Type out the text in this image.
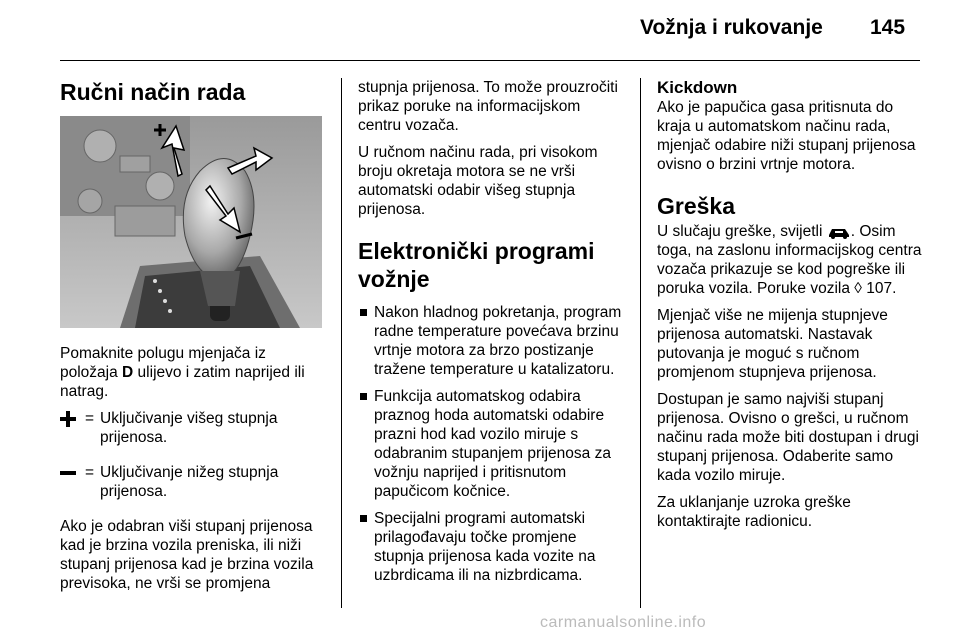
Vožnja i rukovanje 145
Ručni način rada

Pomaknite polugu mjenjača iz položaja D ulijevo i zatim naprijed ili natrag.

= Uključivanje višeg stupnja prijenosa.
= Uključivanje nižeg stupnja prijenosa.

Ako je odabran viši stupanj prijenosa kad je brzina vozila preniska, ili niži stupanj prijenosa kad je brzina vozila previsoka, ne vrši se promjena

stupnja prijenosa. To može prouzročiti prikaz poruke na informacijskom centru vozača.

U ručnom načinu rada, pri visokom broju okretaja motora se ne vrši automatski odabir višeg stupnja prijenosa.

Elektronički programi vožnje
Nakon hladnog pokretanja, program radne temperature povećava brzinu vrtnje motora za brzo postizanje tražene temperature u katalizatoru.
Funkcija automatskog odabira praznog hoda automatski odabire prazni hod kad vozilo miruje s odabranim stupanjem prijenosa za vožnju naprijed i pritisnutom papučicom kočnice.
Specijalni programi automatski prilagođavaju točke promjene stupnja prijenosa kada vozite na uzbrdicama ili na nizbrdicama.
Kickdown

Ako je papučica gasa pritisnuta do kraja u automatskom načinu rada, mjenjač odabire niži stupanj prijenosa ovisno o brzini vrtnje motora.

Greška

U slučaju greške, svijetli . Osim toga, na zaslonu informacijskog centra vozača prikazuje se kod pogreške ili poruka vozila. Poruke vozila ◊ 107.

Mjenjač više ne mijenja stupnjeve prijenosa automatski. Nastavak putovanja je moguć s ručnom promjenom stupnjeva prijenosa.

Dostupan je samo najviši stupanj prijenosa. Ovisno o grešci, u ručnom načinu rada može biti dostupan i drugi stupanj prijenosa. Odaberite samo kada vozilo miruje.

Za uklanjanje uzroka greške kontaktirajte radionicu.

carmanualsonline.info
